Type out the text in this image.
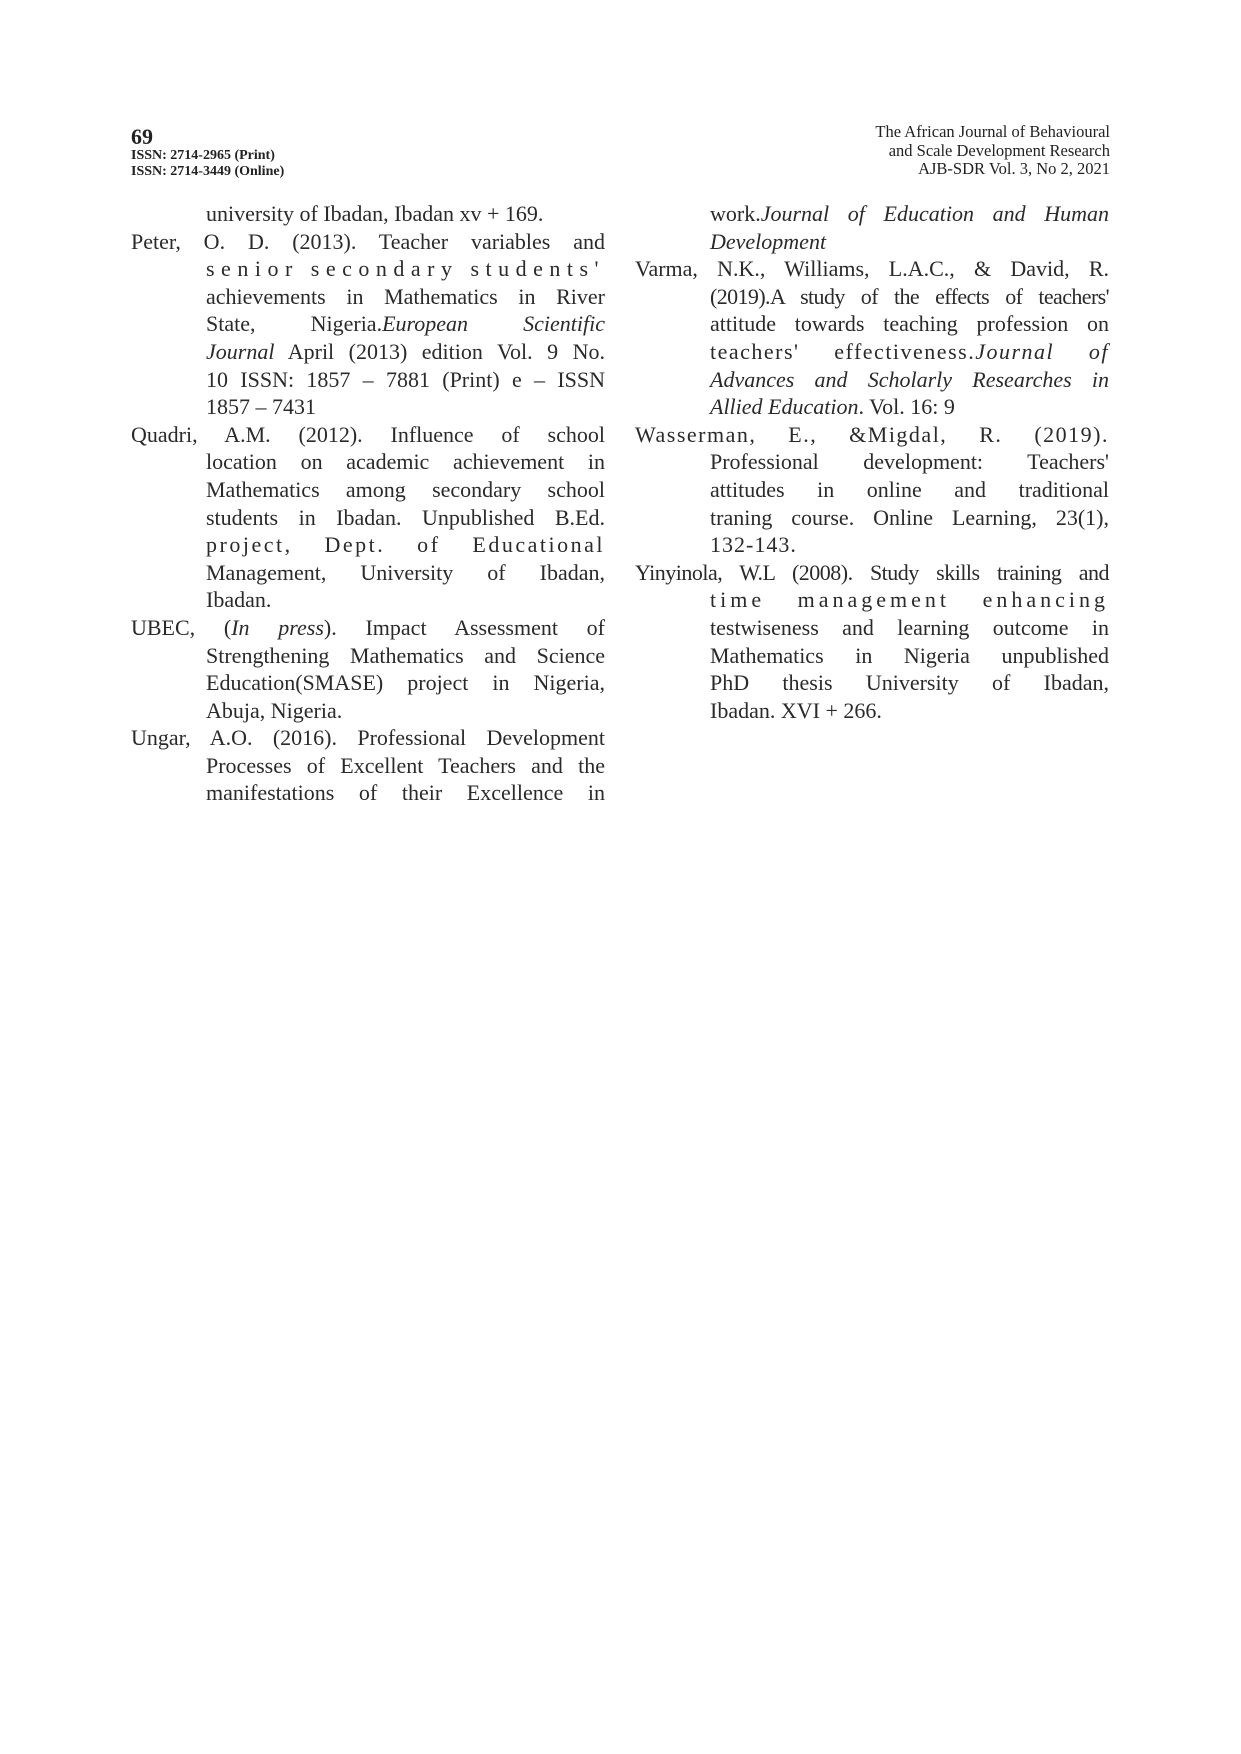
69
ISSN: 2714-2965 (Print)
ISSN: 2714-3449 (Online)
The African Journal of Behavioural
and Scale Development Research
AJB-SDR Vol. 3, No 2, 2021
university of Ibadan, Ibadan xv + 169.
Peter, O. D. (2013). Teacher variables and
senior secondary students'
achievements in Mathematics in River
State, Nigeria.European Scientific
Journal April (2013) edition Vol. 9 No.
10 ISSN: 1857 – 7881 (Print) e – ISSN
1857 – 7431
Quadri, A.M. (2012). Influence of school
location on academic achievement in
Mathematics among secondary school
students in Ibadan. Unpublished B.Ed.
project, Dept. of Educational
Management, University of Ibadan,
Ibadan.
UBEC, (In press). Impact Assessment of
Strengthening Mathematics and Science
Education(SMASE) project in Nigeria,
Abuja, Nigeria.
Ungar, A.O. (2016). Professional Development
Processes of Excellent Teachers and the
manifestations of their Excellence in
work.Journal of Education and Human
Development
Varma, N.K., Williams, L.A.C., & David, R.
(2019).A study of the effects of teachers'
attitude towards teaching profession on
teachers' effectiveness.Journal of
Advances and Scholarly Researches in
Allied Education. Vol. 16: 9
Wasserman, E., &Migdal, R. (2019).
Professional development: Teachers'
attitudes in online and traditional
traning course. Online Learning, 23(1),
132-143.
Yinyinola, W.L (2008). Study skills training and
time management enhancing
testwiseness and learning outcome in
Mathematics in Nigeria unpublished
PhD thesis University of Ibadan,
Ibadan. XVI + 266.
